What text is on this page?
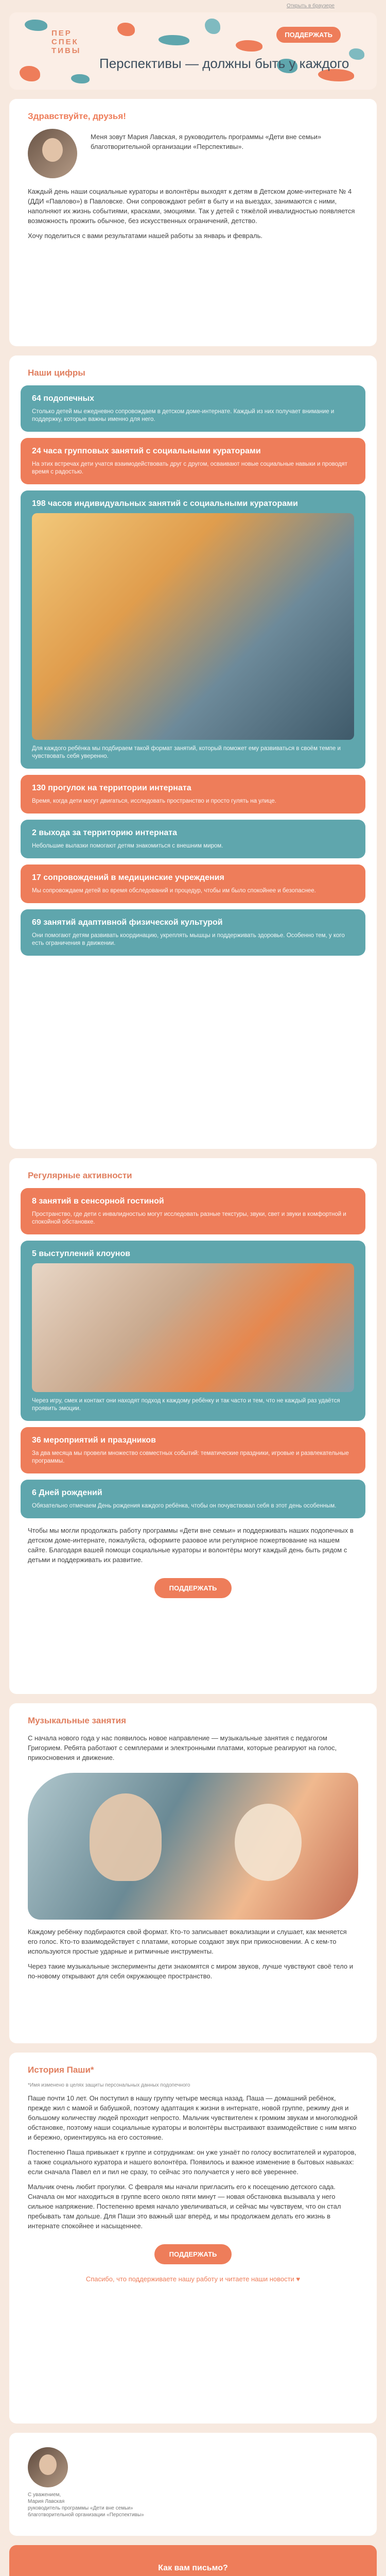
Открыть в браузере
ПЕР
СПЕК
ТИВЫ
Перспективы — должны быть у каждого
ПОДДЕРЖАТЬ
Здравствуйте, друзья!
Меня зовут Мария Лавская, я руководитель программы «Дети вне семьи» благотворительной организации «Перспективы».
Каждый день наши социальные кураторы и волонтёры выходят к детям в Детском доме-интернате № 4 (ДДИ «Павлово») в Павловске. Они сопровождают ребят в быту и на выездах, занимаются с ними, наполняют их жизнь событиями, красками, эмоциями. Так у детей с тяжёлой инвалидностью появляется возможность прожить обычное, без искусственных ограничений, детство.
Хочу поделиться с вами результатами нашей работы за январь и февраль.
Наши цифры
64 подопечных
Столько детей мы ежедневно сопровождаем в детском доме-интернате. Каждый из них получает внимание и поддержку, которые важны именно для него.
24 часа групповых занятий с социальными кураторами
На этих встречах дети учатся взаимодействовать друг с другом, осваивают новые социальные навыки и проводят время с радостью.
198 часов индивидуальных занятий с социальными кураторами
Для каждого ребёнка мы подбираем такой формат занятий, который поможет ему развиваться в своём темпе и чувствовать себя уверенно.
130 прогулок на территории интерната
Время, когда дети могут двигаться, исследовать пространство и просто гулять на улице.
2 выхода за территорию интерната
Небольшие вылазки помогают детям знакомиться с внешним миром.
17 сопровождений в медицинские учреждения
Мы сопровождаем детей во время обследований и процедур, чтобы им было спокойнее и безопаснее.
69 занятий адаптивной физической культурой
Они помогают детям развивать координацию, укреплять мышцы и поддерживать здоровье. Особенно тем, у кого есть ограничения в движении.
Регулярные активности
8 занятий в сенсорной гостиной
Пространство, где дети с инвалидностью могут исследовать разные текстуры, звуки, свет и звуки в комфортной и спокойной обстановке.
5 выступлений клоунов
Через игру, смех и контакт они находят подход к каждому ребёнку и так часто и тем, что не каждый раз удаётся проявить эмоции.
36 мероприятий и праздников
За два месяца мы провели множество совместных событий: тематические праздники, игровые и развлекательные программы.
6 Дней рождений
Обязательно отмечаем День рождения каждого ребёнка, чтобы он почувствовал себя в этот день особенным.
Чтобы мы могли продолжать работу программы «Дети вне семьи» и поддерживать наших подопечных в детском доме-интернате, пожалуйста, оформите разовое или регулярное пожертвование на нашем сайте. Благодаря вашей помощи социальные кураторы и волонтёры могут каждый день быть рядом с детьми и поддерживать их развитие.
ПОДДЕРЖАТЬ
Музыкальные занятия
С начала нового года у нас появилось новое направление — музыкальные занятия с педагогом Григорием. Ребята работают с семплерами и электронными платами, которые реагируют на голос, прикосновения и движение.
Каждому ребёнку подбираются свой формат. Кто-то записывает вокализации и слушает, как меняется его голос. Кто-то взаимодействует с платами, которые создают звук при прикосновении. А с кем-то используются простые ударные и ритмичные инструменты.
Через такие музыкальные эксперименты дети знакомятся с миром звуков, лучше чувствуют своё тело и по-новому открывают для себя окружающее пространство.
История Паши*
*Имя изменено в целях защиты персональных данных подопечного
Паше почти 10 лет. Он поступил в нашу группу четыре месяца назад. Паша — домашний ребёнок, прежде жил с мамой и бабушкой, поэтому адаптация к жизни в интернате, новой группе, режиму дня и большому количеству людей проходит непросто. Мальчик чувствителен к громким звукам и многолюдной обстановке, поэтому наши социальные кураторы и волонтёры выстраивают взаимодействие с ним мягко и бережно, ориентируясь на его состояние.
Постепенно Паша привыкает к группе и сотрудникам: он уже узнаёт по голосу воспитателей и кураторов, а также социального куратора и нашего волонтёра. Появилось и важное изменение в бытовых навыках: если сначала Павел ел и пил не сразу, то сейчас это получается у него всё увереннее.
Мальчик очень любит прогулки. С февраля мы начали пригласить его к посещению детского сада. Сначала он мог находиться в группе всего около пяти минут — новая обстановка вызывала у него сильное напряжение. Постепенно время начало увеличиваться, и сейчас мы чувствуем, что он стал пребывать там дольше. Для Паши это важный шаг вперёд, и мы продолжаем делать его жизнь в интернате спокойнее и насыщеннее.
ПОДДЕРЖАТЬ
Спасибо, что поддерживаете нашу работу и читаете наши новости ♥
С уважением,
Мария Лавская
руководитель программы «Дети вне семьи»
благотворительной организации «Перспективы»
Как вам письмо?
